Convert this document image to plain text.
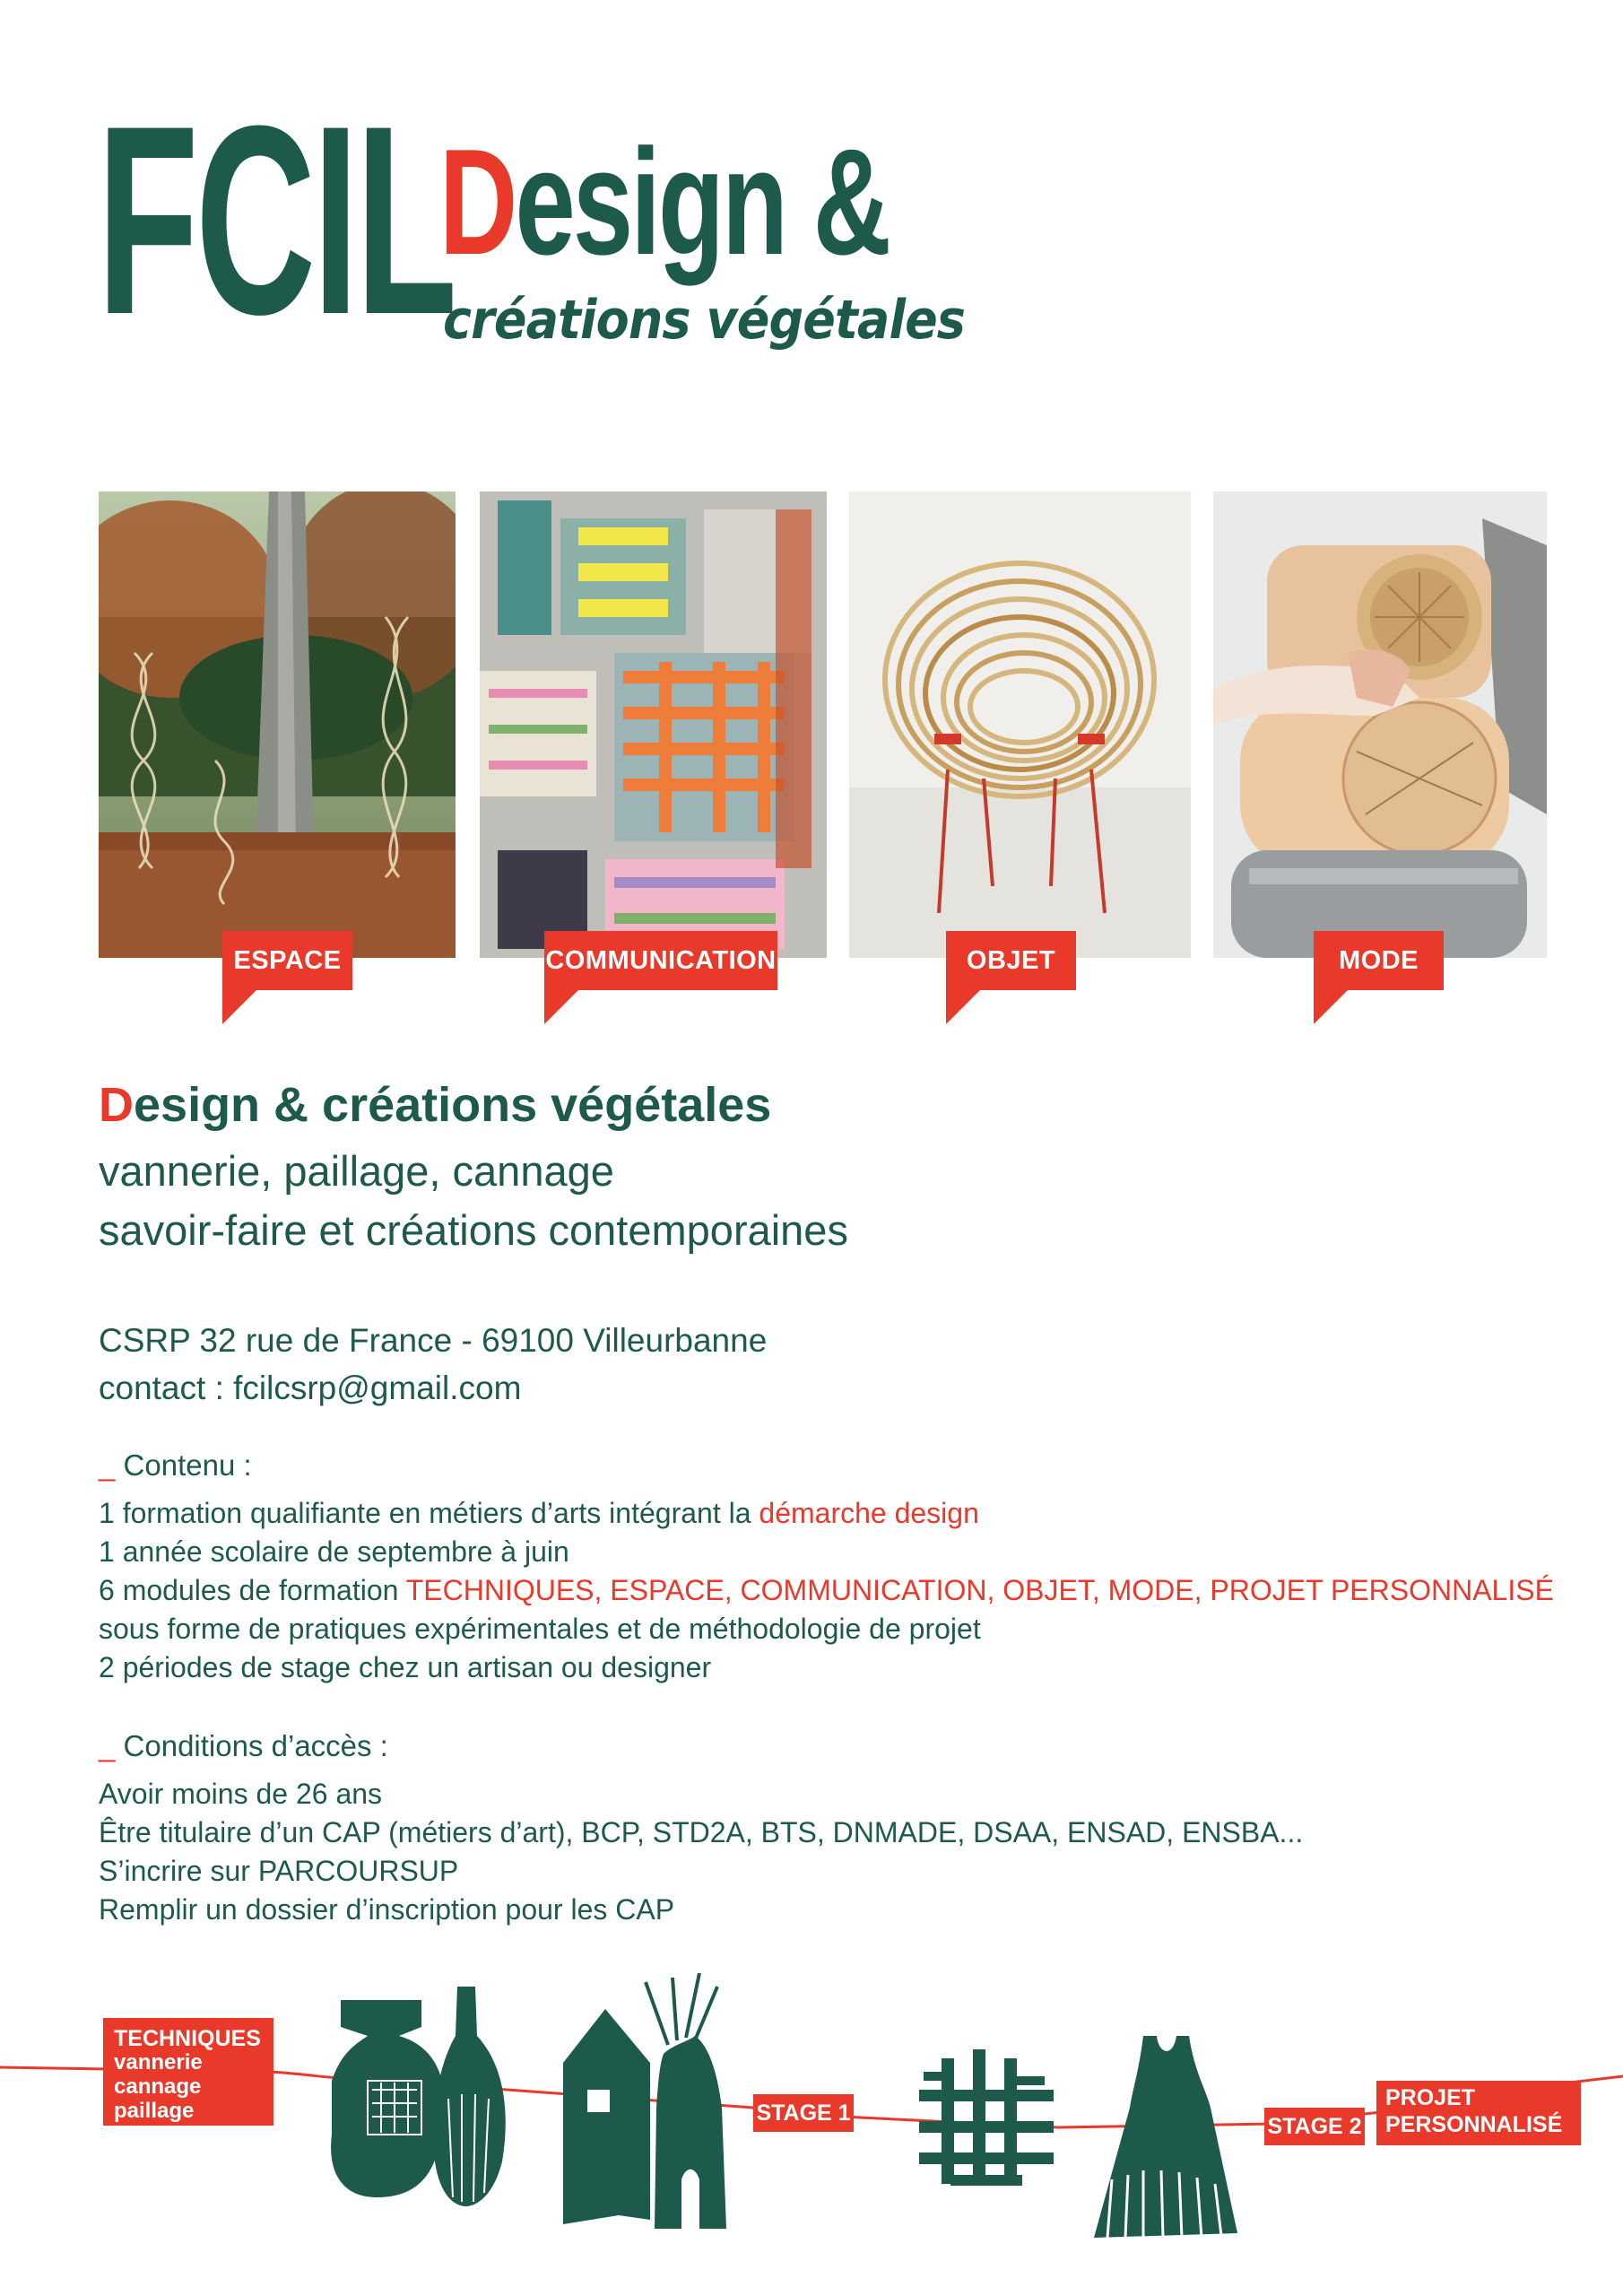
FCIL
Design &
créations végétales
ESPACE	COMMUNICATION	OBJET	MODE
Design & créations végétales
vannerie, paillage, cannage
savoir-faire et créations contemporaines
CSRP 32 rue de France - 69100 Villeurbanne
contact : fcilcsrp@gmail.com
_ Contenu :
1 formation qualifiante en métiers d’arts intégrant la démarche design
1 année scolaire de septembre à juin
6 modules de formation TECHNIQUES, ESPACE, COMMUNICATION, OBJET, MODE, PROJET PERSONNALISÉ
sous forme de pratiques expérimentales et de méthodologie de projet
2 périodes de stage chez un artisan ou designer
_ Conditions d’accès :
Avoir moins de 26 ans
Être titulaire d’un CAP (métiers d’art), BCP, STD2A, BTS, DNMADE, DSAA, ENSAD, ENSBA...
S’incrire sur PARCOURSUP
Remplir un dossier d’inscription pour les CAP
TECHNIQUES
vannerie
cannage
paillage	STAGE 1
STAGE 2
PROJET
PERSONNALISÉ
